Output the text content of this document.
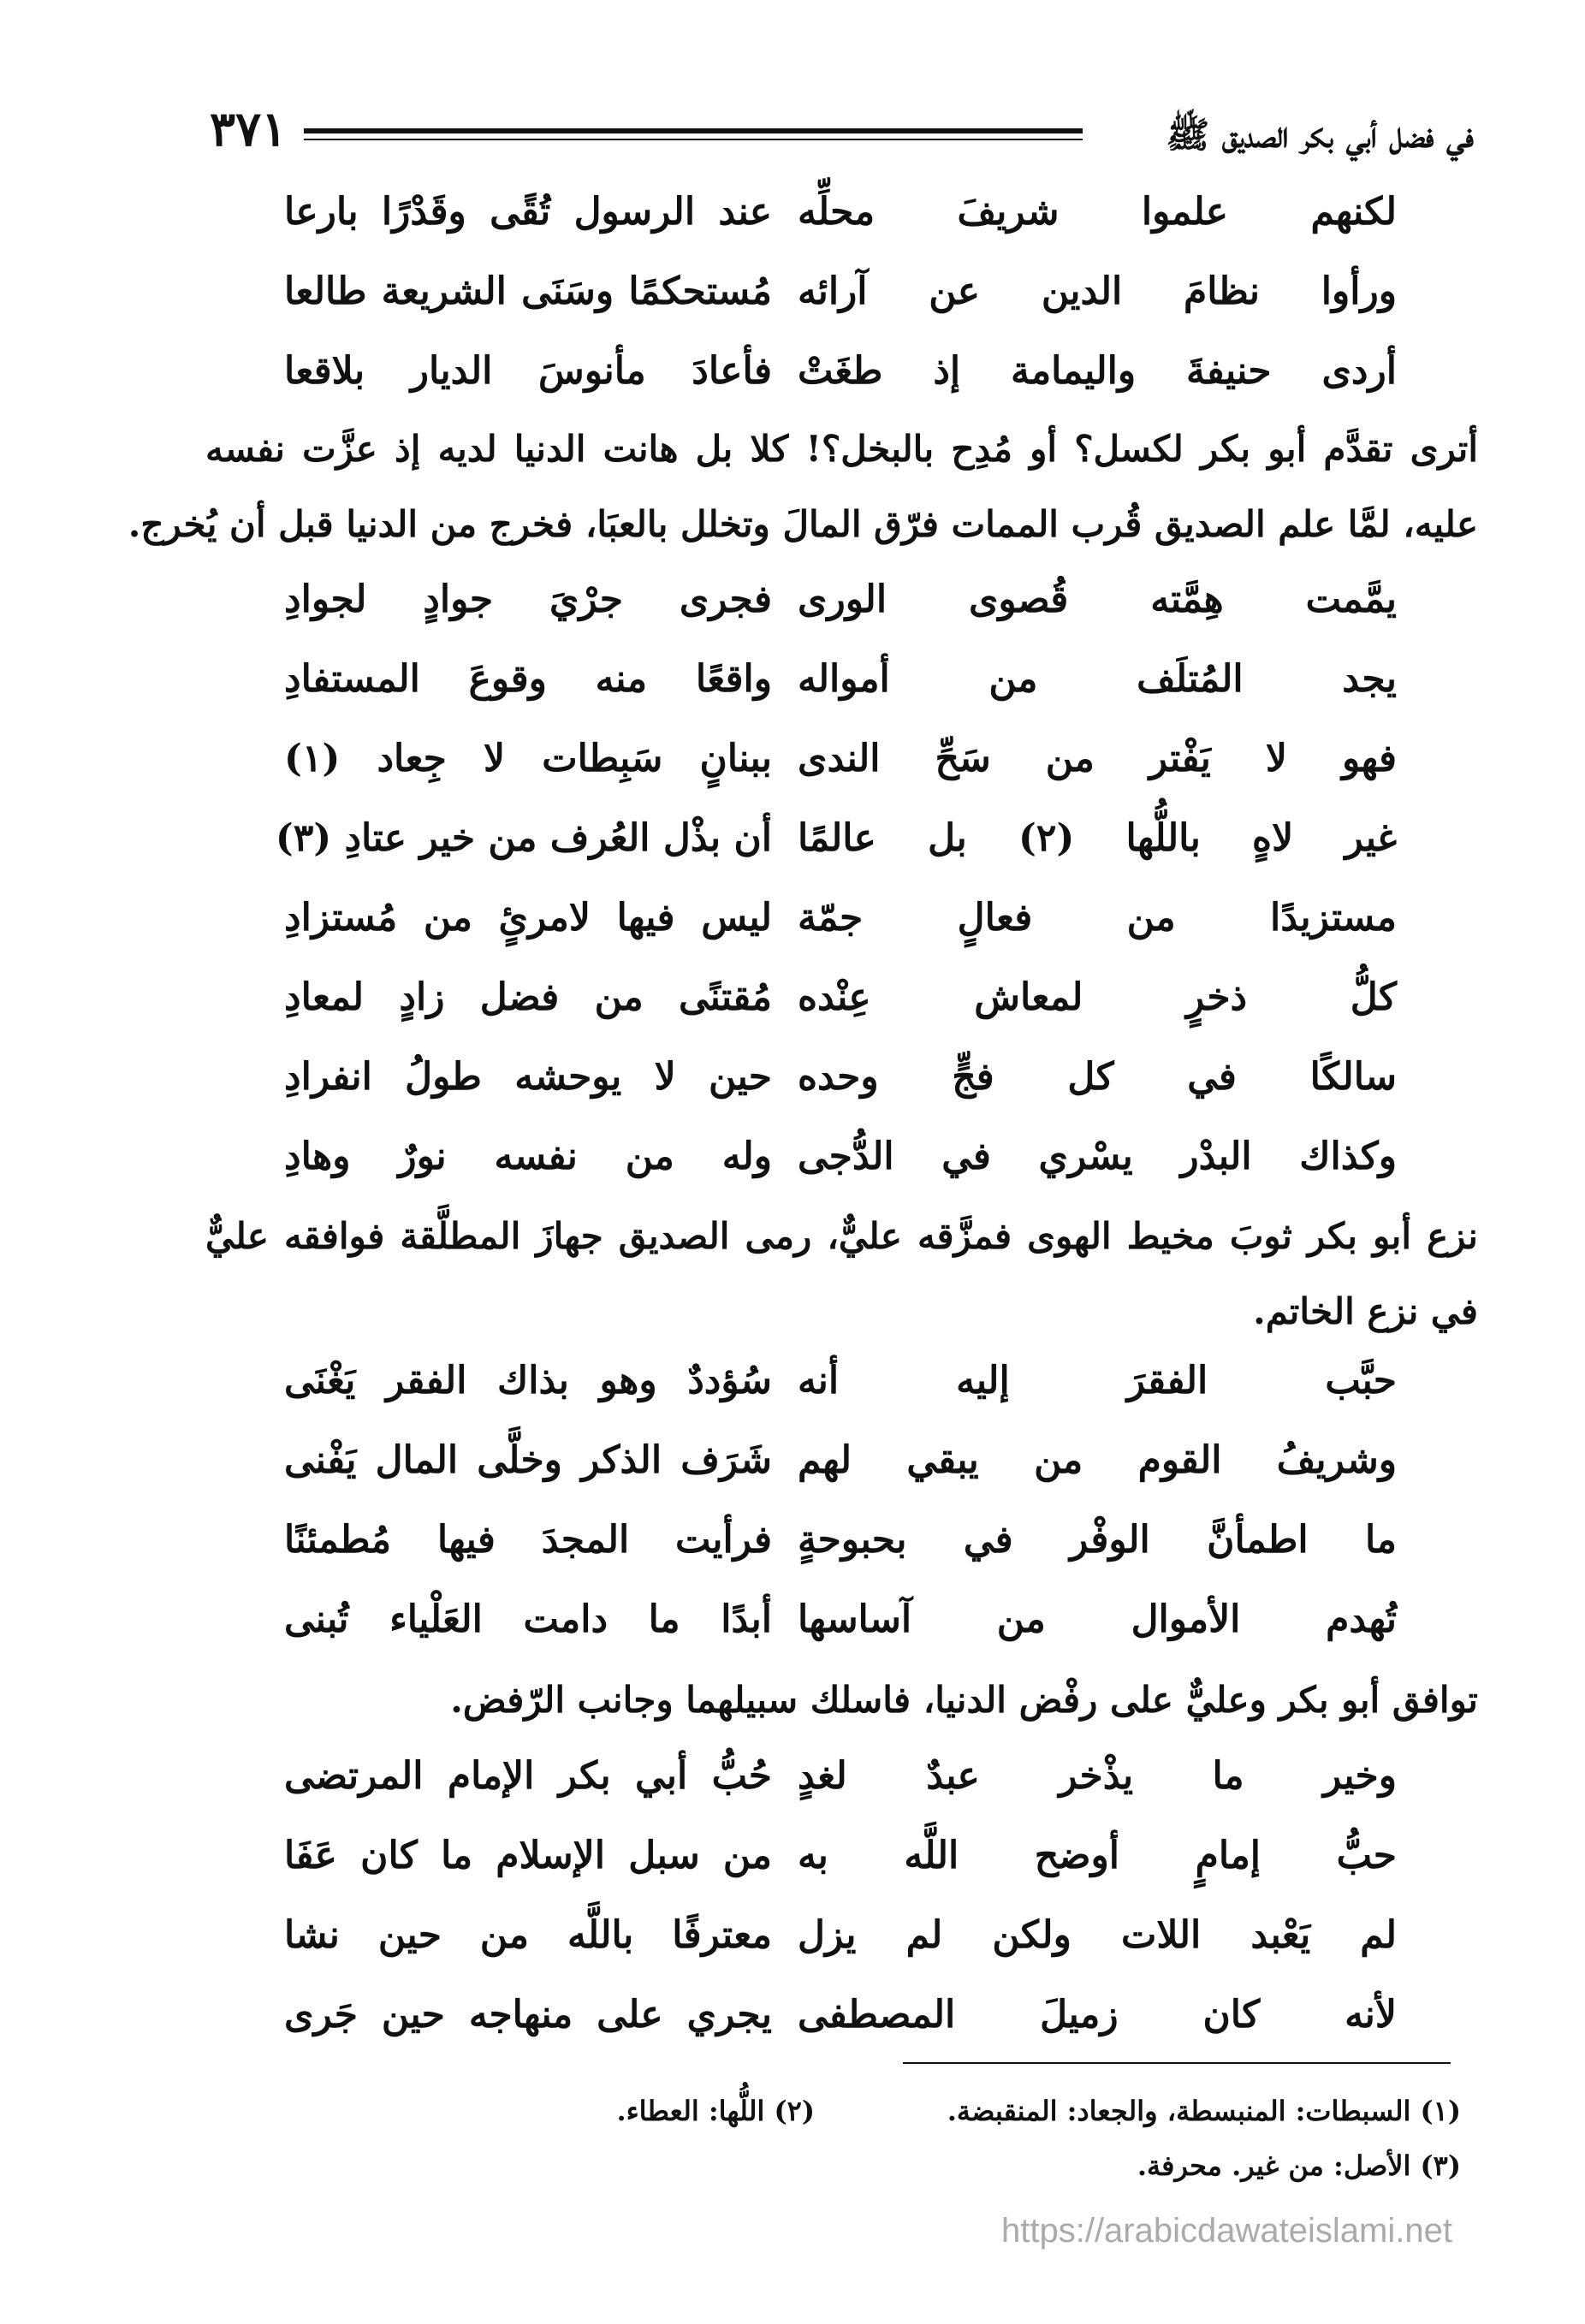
في فضل أبي بكر الصديق ﷺ
٣٧١
لكنهم علموا شريفَ محلِّه
عند الرسول تُقًى وقَدْرًا بارعا
ورأوا نظامَ الدين عن آرائه
مُستحكمًا وسَنَى الشريعة طالعا
أردى حنيفةَ واليمامة إذ طغَتْ
فأعادَ مأنوسَ الديار بلاقعا
أترى تقدَّم أبو بكر لكسل؟ أو مُدِح بالبخل؟! كلا بل هانت الدنيا لديه إذ عزَّت نفسه
عليه، لمَّا علم الصديق قُرب الممات فرّق المالَ وتخلل بالعبَا، فخرج من الدنيا قبل أن يُخرج.
يمَّمت هِمَّته قُصوى الورى
فجرى جرْيَ جوادٍ لجوادِ
يجد المُتلَف من أمواله
واقعًا منه وقوعَ المستفادِ
فهو لا يَفْتر من سَحِّ الندى
ببنانٍ سَبِطات لا جِعاد (١)
غير لاهٍ باللُّها (٢) بل عالمًا
أن بذْل العُرف من خير عتادِ (٣)
مستزيدًا من فعالٍ جمّة
ليس فيها لامرئٍ من مُستزادِ
كلُّ ذخرٍ لمعاش عِنْده
مُقتنًى من فضل زادٍ لمعادِ
سالكًا في كل فجٍّ وحده
حين لا يوحشه طولُ انفرادِ
وكذاك البدْر يسْري في الدُّجى
وله من نفسه نورٌ وهادِ
نزع أبو بكر ثوبَ مخيط الهوى فمزَّقه عليٌّ، رمى الصديق جهازَ المطلَّقة فوافقه عليٌّ
في نزع الخاتم.
حبَّب الفقرَ إليه أنه
سُؤددٌ وهو بذاك الفقر يَغْنَى
وشريفُ القوم من يبقي لهم
شَرَف الذكر وخلَّى المال يَفْنى
ما اطمأنَّ الوفْر في بحبوحةٍ
فرأيت المجدَ فيها مُطمئنًا
تُهدم الأموال من آساسها
أبدًا ما دامت العَلْياء تُبنى
توافق أبو بكر وعليٌّ على رفْض الدنيا، فاسلك سبيلهما وجانب الرّفض.
وخير ما يذْخر عبدٌ لغدٍ
حُبُّ أبي بكر الإمام المرتضى
حبُّ إمامٍ أوضح اللَّه به
من سبل الإسلام ما كان عَفَا
لم يَعْبد اللات ولكن لم يزل
معترفًا باللَّه من حين نشا
لأنه كان زميلَ المصطفى
يجري على منهاجه حين جَرى
(١) السبطات: المنبسطة، والجعاد: المنقبضة.
(٢) اللُّها: العطاء.
(٣) الأصل: من غير. محرفة.
https://arabicdawateislami.net
